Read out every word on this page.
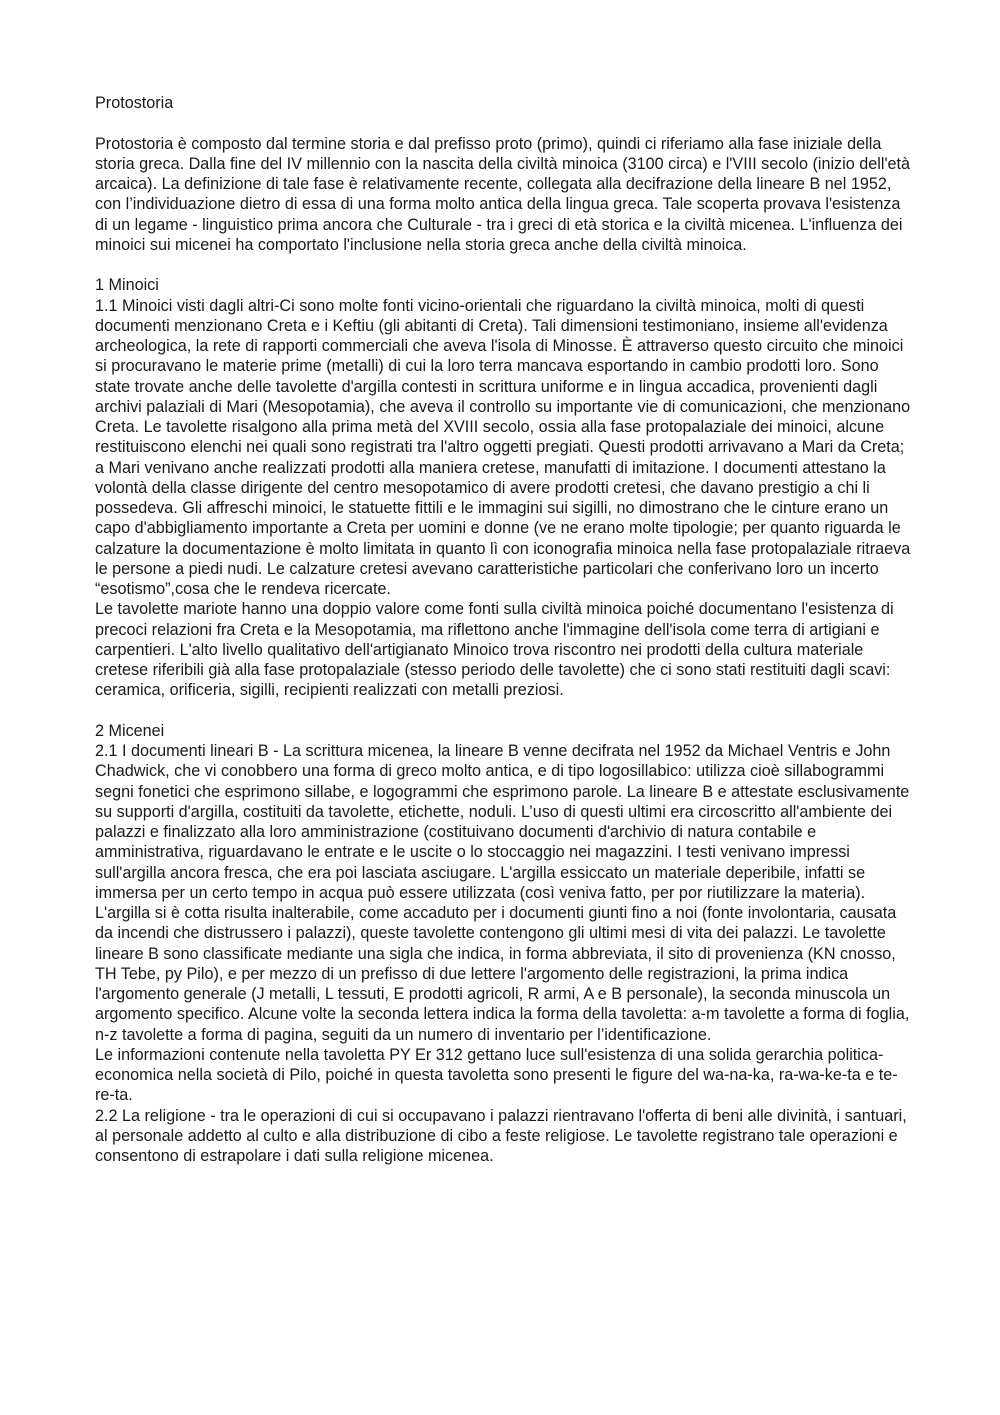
Protostoria

Protostoria è composto dal termine storia e dal prefisso proto (primo), quindi ci riferiamo alla fase iniziale della storia greca. Dalla fine del IV millennio con la nascita della civiltà minoica (3100 circa) e l'VIII secolo (inizio dell'età arcaica). La definizione di tale fase è relativamente recente, collegata alla decifrazione della lineare B nel 1952, con l’individuazione dietro di essa di una forma molto antica della lingua greca. Tale scoperta provava l'esistenza di un legame - linguistico prima ancora che Culturale - tra i greci di età storica e la civiltà micenea. L'influenza dei minoici sui micenei ha comportato l'inclusione nella storia greca anche della civiltà minoica.

1 Minoici

1.1 Minoici visti dagli altri-Ci sono molte fonti vicino-orientali che riguardano la civiltà minoica, molti di questi documenti menzionano Creta e i Keftiu (gli abitanti di Creta). Tali dimensioni testimoniano, insieme all'evidenza archeologica, la rete di rapporti commerciali che aveva l'isola di Minosse. È attraverso questo circuito che minoici si procuravano le materie prime (metalli) di cui la loro terra mancava esportando in cambio prodotti loro. Sono state trovate anche delle tavolette d'argilla contesti in scrittura uniforme e in lingua accadica, provenienti dagli archivi palaziali di Mari (Mesopotamia), che aveva il controllo su importante vie di comunicazioni, che menzionano Creta. Le tavolette risalgono alla prima metà del XVIII secolo, ossia alla fase protopalaziale dei minoici, alcune restituiscono elenchi nei quali sono registrati tra l'altro oggetti pregiati. Questi prodotti arrivavano a Mari da Creta; a Mari venivano anche realizzati prodotti alla maniera cretese, manufatti di imitazione. I documenti attestano la volontà della classe dirigente del centro mesopotamico di avere prodotti cretesi, che davano prestigio a chi li possedeva. Gli affreschi minoici, le statuette fittili e le immagini sui sigilli, no dimostrano che le cinture erano un capo d'abbigliamento importante a Creta per uomini e donne (ve ne erano molte tipologie; per quanto riguarda le calzature la documentazione è molto limitata in quanto lì con iconografia minoica nella fase protopalaziale ritraeva le persone a piedi nudi. Le calzature cretesi avevano caratteristiche particolari che conferivano loro un incerto “esotismo”,cosa che le rendeva ricercate.

Le tavolette mariote hanno una doppio valore come fonti sulla civiltà minoica poiché documentano l'esistenza di precoci relazioni fra Creta e la Mesopotamia, ma riflettono anche l'immagine dell'isola come terra di artigiani e carpentieri. L'alto livello qualitativo dell'artigianato Minoico trova riscontro nei prodotti della cultura materiale cretese riferibili già alla fase protopalaziale (stesso periodo delle tavolette) che ci sono stati restituiti dagli scavi: ceramica, orificeria, sigilli, recipienti realizzati con metalli preziosi.

2 Micenei

2.1 I documenti lineari B - La scrittura micenea, la lineare B venne decifrata nel 1952 da Michael Ventris e John Chadwick, che vi conobbero una forma di greco molto antica, e di tipo logosillabico: utilizza cioè sillabogrammi segni fonetici che esprimono sillabe, e logogrammi che esprimono parole. La lineare B e attestate esclusivamente su supporti d'argilla, costituiti da tavolette, etichette, noduli. L’uso di questi ultimi era circoscritto all'ambiente dei palazzi e finalizzato alla loro amministrazione (costituivano documenti d'archivio di natura contabile e amministrativa, riguardavano le entrate e le uscite o lo stoccaggio nei magazzini. I testi venivano impressi sull'argilla ancora fresca, che era poi lasciata asciugare. L'argilla essiccato un materiale deperibile, infatti se immersa per un certo tempo in acqua può essere utilizzata (così veniva fatto, per por riutilizzare la materia). L'argilla si è cotta risulta inalterabile, come accaduto per i documenti giunti fino a noi (fonte involontaria, causata da incendi che distrussero i palazzi), queste tavolette contengono gli ultimi mesi di vita dei palazzi. Le tavolette lineare B sono classificate mediante una sigla che indica, in forma abbreviata, il sito di provenienza (KN cnosso, TH Tebe, py Pilo), e per mezzo di un prefisso di due lettere l'argomento delle registrazioni, la prima indica l'argomento generale (J metalli, L tessuti, E prodotti agricoli, R armi, A e B personale), la seconda minuscola un argomento specifico. Alcune volte la seconda lettera indica la forma della tavoletta: a-m tavolette a forma di foglia, n-z tavolette a forma di pagina, seguiti da un numero di inventario per l’identificazione.

Le informazioni contenute nella tavoletta PY Er 312 gettano luce sull'esistenza di una solida gerarchia politica-economica nella società di Pilo, poiché in questa tavoletta sono presenti le figure del wa-na-ka, ra-wa-ke-ta e te-re-ta.

2.2 La religione - tra le operazioni di cui si occupavano i palazzi rientravano l'offerta di beni alle divinità, i santuari, al personale addetto al culto e alla distribuzione di cibo a feste religiose. Le tavolette registrano tale operazioni e consentono di estrapolare i dati sulla religione micenea.
